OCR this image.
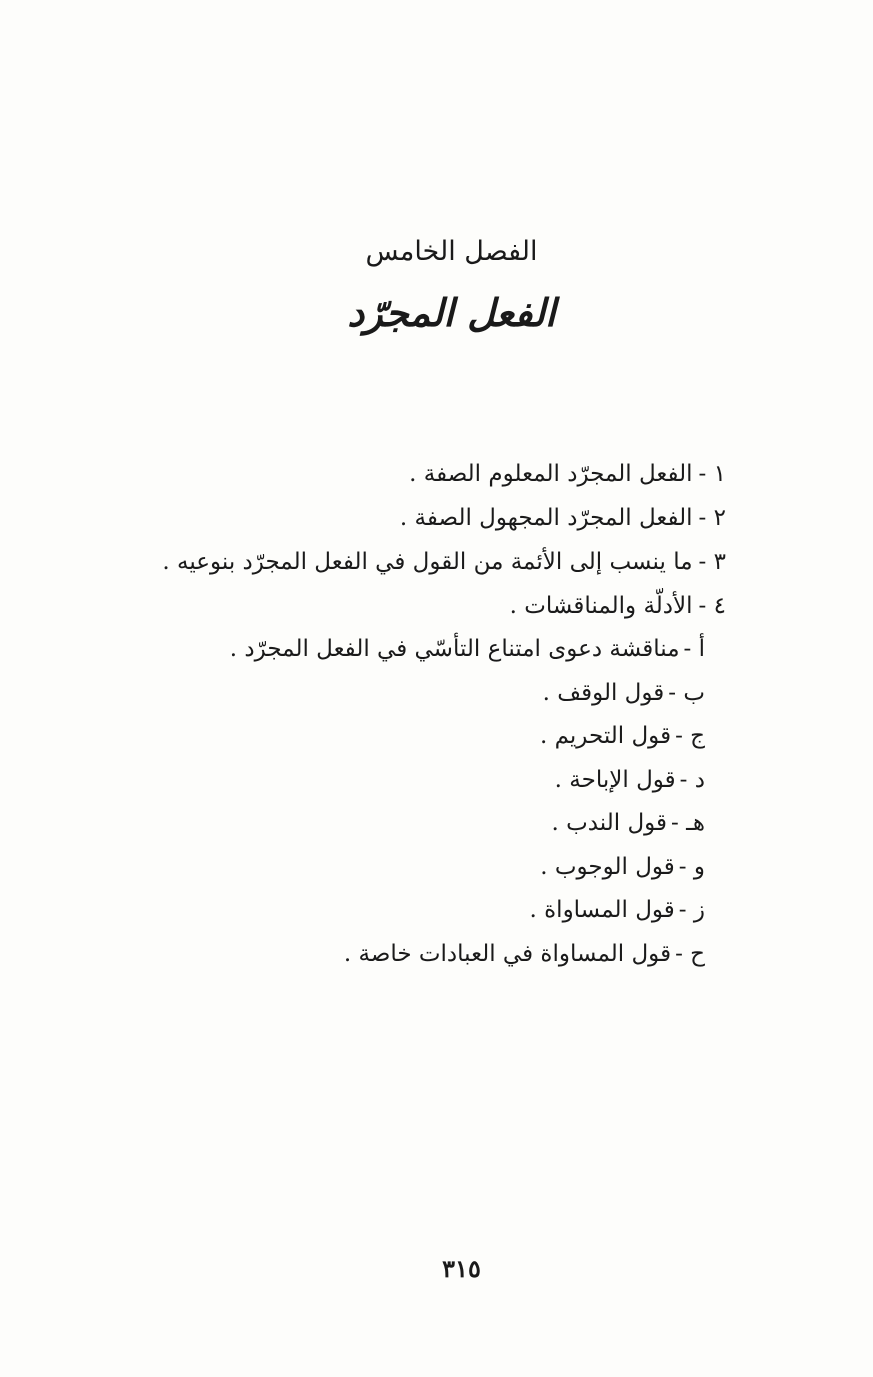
الفصل الخامس
الفعل المجرّد
١ -الفعل المجرّد المعلوم الصفة .
٢ -الفعل المجرّد المجهول الصفة .
٣ -ما ينسب إلى الأئمة من القول في الفعل المجرّد بنوعيه .
٤ -الأدلّة والمناقشات .
أ -مناقشة دعوى امتناع التأسّي في الفعل المجرّد .
ب -قول الوقف .
ج -قول التحريم .
د -قول الإباحة .
هـ -قول الندب .
و -قول الوجوب .
ز -قول المساواة .
ح -قول المساواة في العبادات خاصة .
٣١٥
